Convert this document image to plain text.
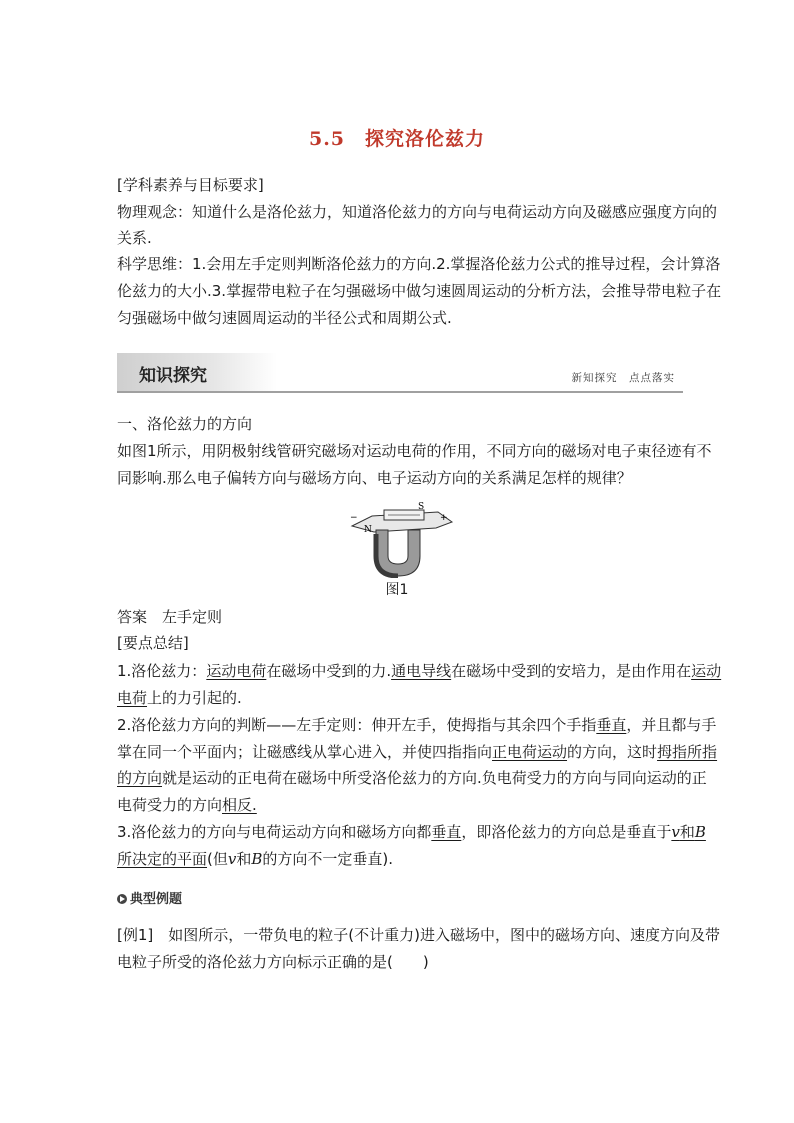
5.5　探究洛伦兹力
[学科素养与目标要求]
物理观念：知道什么是洛伦兹力，知道洛伦兹力的方向与电荷运动方向及磁感应强度方向的
关系.
科学思维：1.会用左手定则判断洛伦兹力的方向.2.掌握洛伦兹力公式的推导过程，会计算洛
伦兹力的大小.3.掌握带电粒子在匀强磁场中做匀速圆周运动的分析方法，会推导带电粒子在
匀强磁场中做匀速圆周运动的半径公式和周期公式.
知识探究	新知探究　点点落实
一、洛伦兹力的方向
如图1所示，用阴极射线管研究磁场对运动电荷的作用，不同方向的磁场对电子束径迹有不
同影响.那么电子偏转方向与磁场方向、电子运动方向的关系满足怎样的规律？
N
S
+
−
图1
答案　左手定则
[要点总结]
1.洛伦兹力：运动电荷在磁场中受到的力.通电导线在磁场中受到的安培力，是由作用在运动
电荷上的力引起的.
2.洛伦兹力方向的判断——左手定则：伸开左手，使拇指与其余四个手指垂直，并且都与手
掌在同一个平面内；让磁感线从掌心进入，并使四指指向正电荷运动的方向，这时拇指所指
的方向就是运动的正电荷在磁场中所受洛伦兹力的方向.负电荷受力的方向与同向运动的正
电荷受力的方向相反.
3.洛伦兹力的方向与电荷运动方向和磁场方向都垂直，即洛伦兹力的方向总是垂直于v和B
所决定的平面(但v和B的方向不一定垂直).
典型例题
[例1]　如图所示，一带负电的粒子(不计重力)进入磁场中，图中的磁场方向、速度方向及带
电粒子所受的洛伦兹力方向标示正确的是(　　)
